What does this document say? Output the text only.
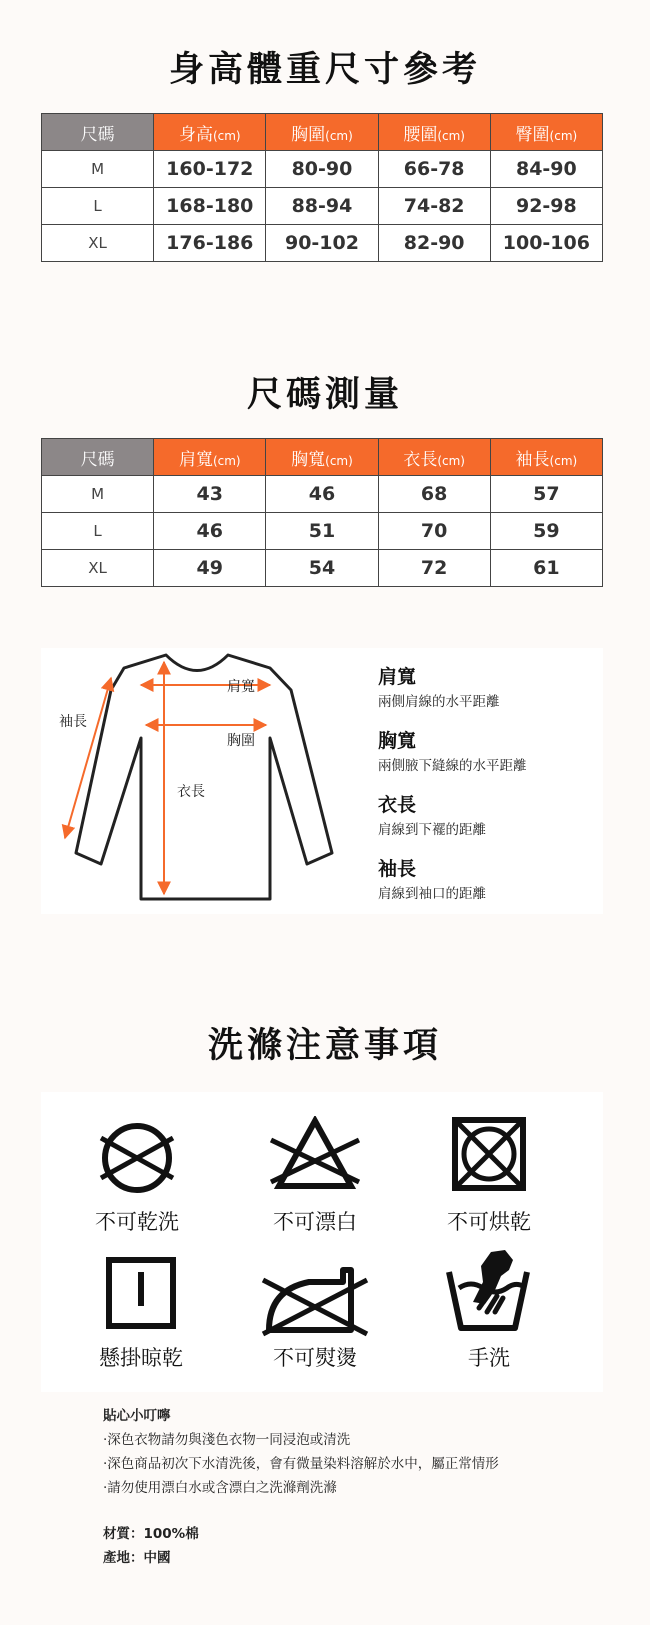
身高體重尺寸參考
尺碼	身高(cm)	胸圍(cm)	腰圍(cm)	臀圍(cm)
M	160-172	80-90	66-78	84-90
L	168-180	88-94	74-82	92-98
XL	176-186	90-102	82-90	100-106
尺碼測量
尺碼	肩寬(cm)	胸寬(cm)	衣長(cm)	袖長(cm)
M	43	46	68	57
L	46	51	70	59
XL	49	54	72	61
肩寬
胸圍
衣長
袖長
肩寬
兩側肩線的水平距離
胸寬
兩側腋下縫線的水平距離
衣長
肩線到下襬的距離
袖長
肩線到袖口的距離
洗滌注意事項
不可乾洗	不可漂白	不可烘乾
懸掛晾乾	不可熨燙	手洗
貼心小叮嚀
·深色衣物請勿與淺色衣物一同浸泡或清洗
·深色商品初次下水清洗後，會有微量染料溶解於水中，屬正常情形
·請勿使用漂白水或含漂白之洗滌劑洗滌
材質：100%棉
產地：中國
